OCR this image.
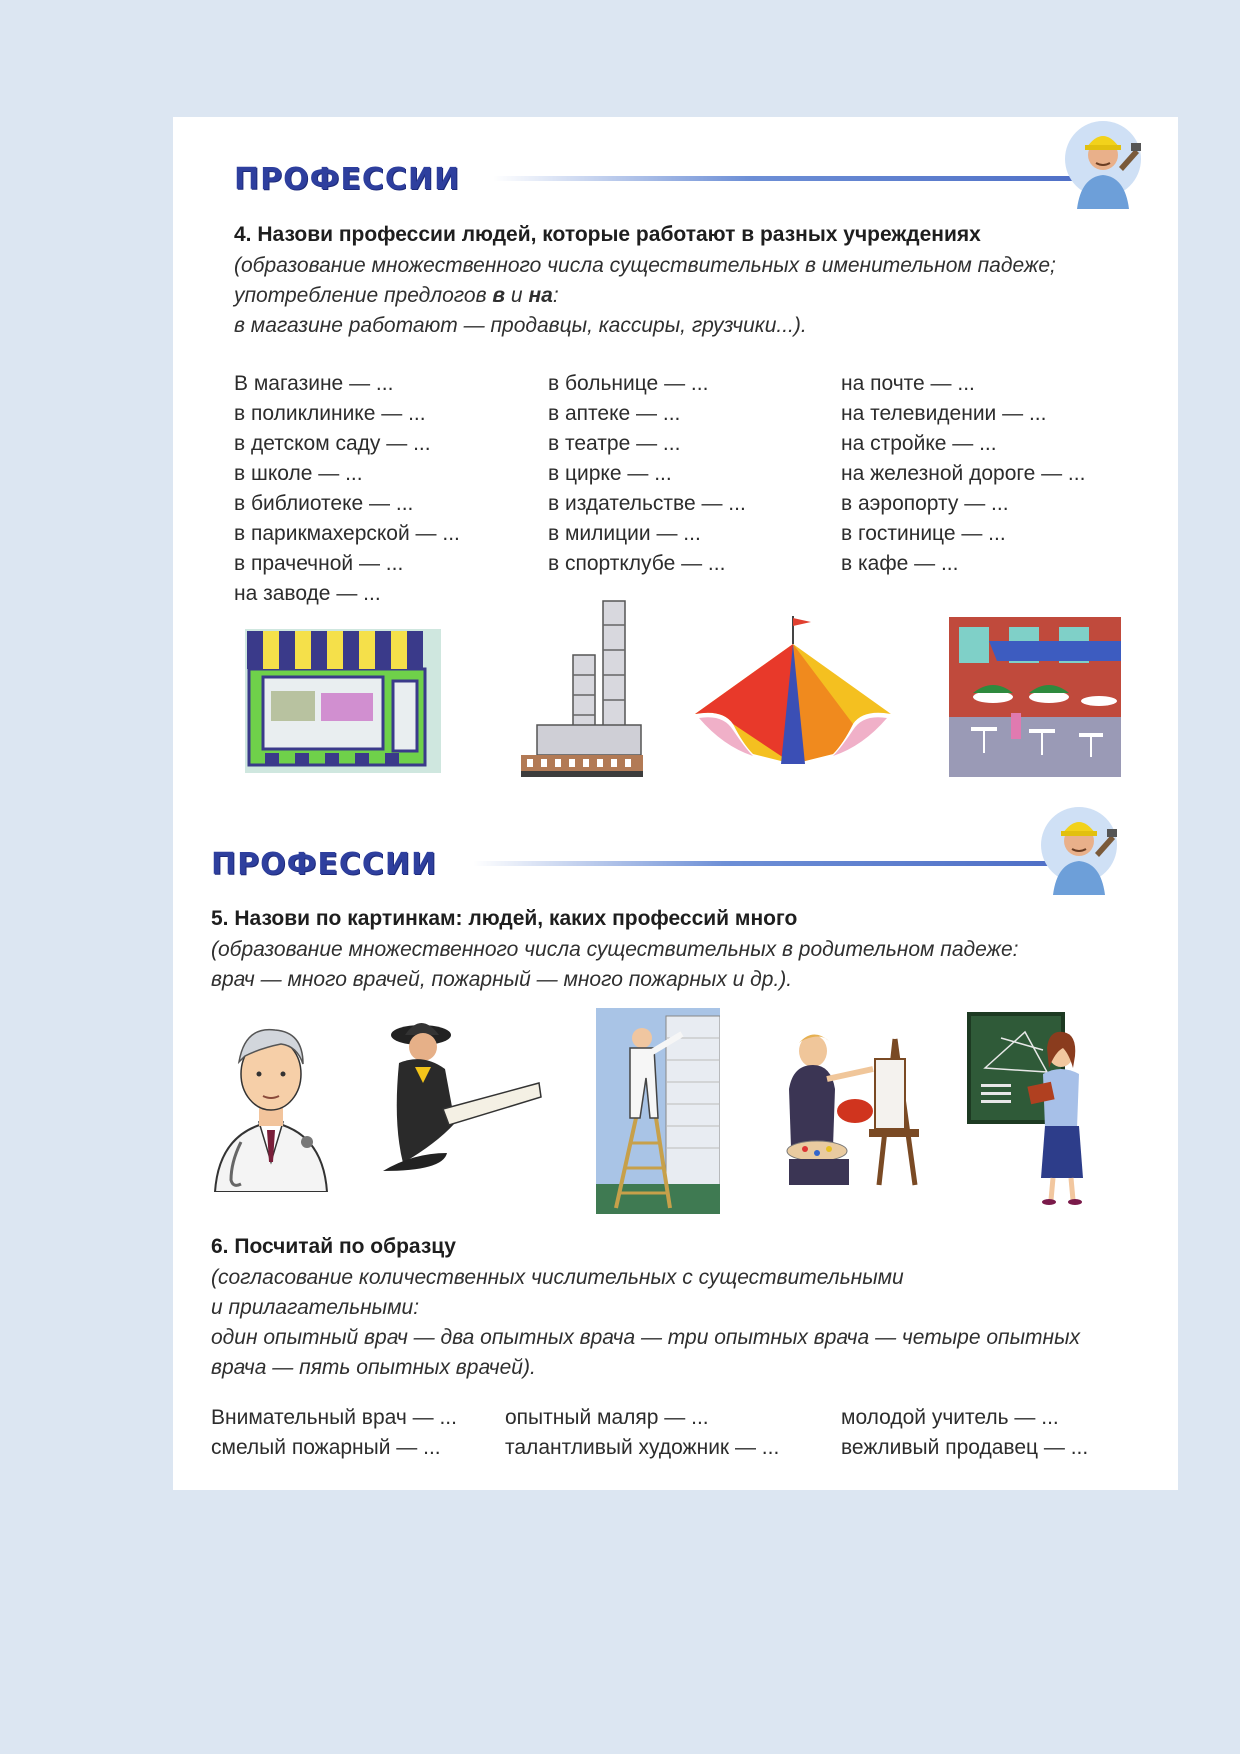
ПРОФЕССИИ
4. Назови профессии людей, которые работают в разных учреждениях
(образование множественного числа существительных в именительном падеже;
употребление предлогов в и на:
в магазине работают — продавцы, кассиры, грузчики...).
В магазине — ...
в поликлинике — ...
в детском саду — ...
в школе — ...
в библиотеке — ...
в парикмахерской — ...
в прачечной — ...
на заводе — ...
в больнице — ...
в аптеке — ...
в театре — ...
в цирке — ...
в издательстве — ...
в милиции — ...
в спортклубе — ...
на почте — ...
на телевидении — ...
на стройке — ...
на железной дороге — ...
в аэропорту — ...
в гостинице — ...
в кафе — ...
ПРОФЕССИИ
5. Назови по картинкам: людей, каких профессий много
(образование множественного числа существительных в родительном падеже:
врач — много врачей, пожарный — много пожарных и др.).
6. Посчитай по образцу
(согласование количественных числительных с существительными
и прилагательными:
один опытный врач — два опытных врача — три опытных врача — четыре опытных
врача — пять опытных врачей).
Внимательный врач — ...
смелый пожарный — ...
опытный маляр — ...
талантливый художник — ...
молодой учитель — ...
вежливый продавец — ...
